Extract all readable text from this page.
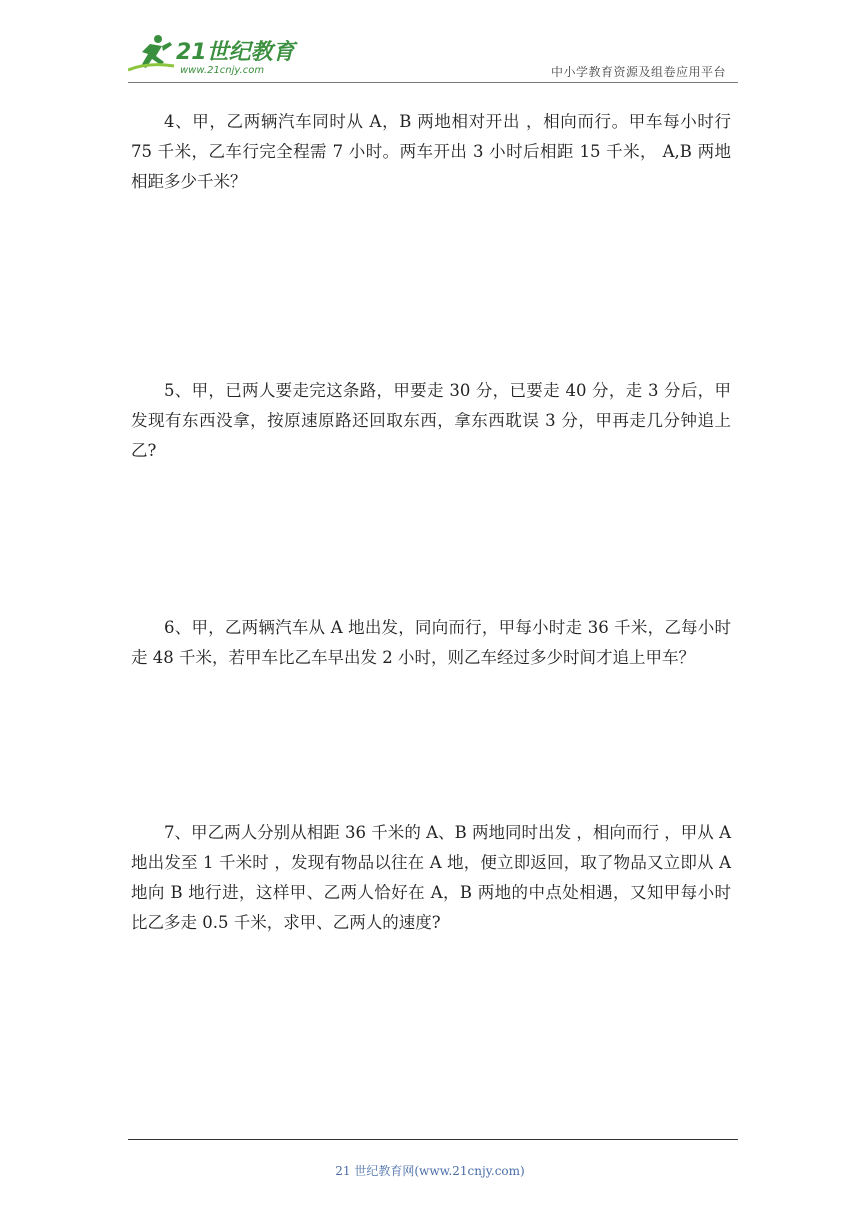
21世纪教育
www.21cnjy.com	中小学教育资源及组卷应用平台

4、甲，乙两辆汽车同时从 A，B 两地相对开出 ，相向而行。甲车每小时行 75 千米，乙车行完全程需 7 小时。两车开出 3 小时后相距 15 千米， A,B 两地相距多少千米？

5、甲，已两人要走完这条路，甲要走 30 分，已要走 40 分，走 3 分后，甲发现有东西没拿，按原速原路还回取东西，拿东西耽误 3 分，甲再走几分钟追上乙?

6、甲，乙两辆汽车从 A 地出发，同向而行，甲每小时走 36 千米，乙每小时走 48 千米，若甲车比乙车早出发 2 小时，则乙车经过多少时间才追上甲车？

7、甲乙两人分别从相距 36 千米的 A、B 两地同时出发 ，相向而行 ，甲从 A 地出发至 1 千米时 ，发现有物品以往在 A 地，便立即返回，取了物品又立即从 A 地向 B 地行进，这样甲、乙两人恰好在 A，B 两地的中点处相遇，又知甲每小时比乙多走 0.5 千米，求甲、乙两人的速度?

21 世纪教育网(www.21cnjy.com)
